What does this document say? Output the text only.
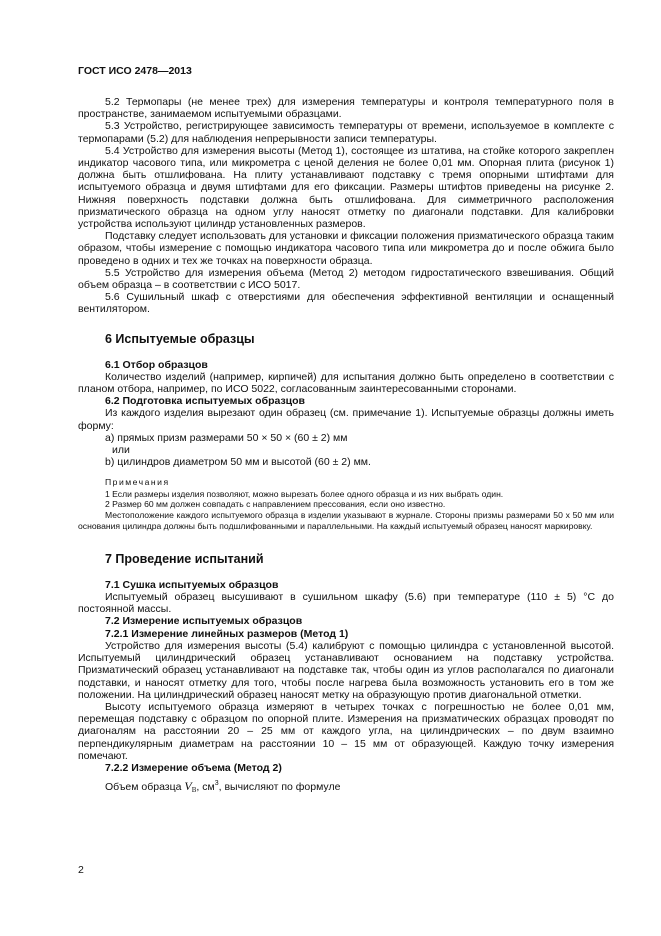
ГОСТ ИСО 2478—2013

5.2 Термопары (не менее трех) для измерения температуры и контроля температурного поля в пространстве, занимаемом испытуемыми образцами.

5.3 Устройство, регистрирующее зависимость температуры от времени, используемое в комплекте с термопарами (5.2) для наблюдения непрерывности записи температуры.

5.4 Устройство для измерения высоты (Метод 1), состоящее из штатива, на стойке которого закреплен индикатор часового типа, или микрометра с ценой деления не более 0,01 мм. Опорная плита (рисунок 1) должна быть отшлифована. На плиту устанавливают подставку с тремя опорными штифтами для испытуемого образца и двумя штифтами для его фиксации. Размеры штифтов приведены на рисунке 2. Нижняя поверхность подставки должна быть отшлифована. Для симметричного расположения призматического образца на одном углу наносят отметку по диагонали подставки. Для калибровки устройства используют цилиндр установленных размеров.

Подставку следует использовать для установки и фиксации положения призматического образца таким образом, чтобы измерение с помощью индикатора часового типа или микрометра до и после обжига было проведено в одних и тех же точках на поверхности образца.

5.5 Устройство для измерения объема (Метод 2) методом гидростатического взвешивания. Общий объем образца – в соответствии с ИСО 5017.

5.6 Сушильный шкаф с отверстиями для обеспечения эффективной вентиляции и оснащенный вентилятором.

6 Испытуемые образцы
6.1 Отбор образцов

Количество изделий (например, кирпичей) для испытания должно быть определено в соответствии с планом отбора, например, по ИСО 5022, согласованным заинтересованными сторонами.

6.2 Подготовка испытуемых образцов

Из каждого изделия вырезают один образец (см. примечание 1). Испытуемые образцы должны иметь форму:

a) прямых призм размерами 50 × 50 × (60 ± 2) мм

или

b) цилиндров диаметром 50 мм и высотой (60 ± 2) мм.

Примечания

1 Если размеры изделия позволяют, можно вырезать более одного образца и из них выбрать один.

2 Размер 60 мм должен совпадать с направлением прессования, если оно известно.

Местоположение каждого испытуемого образца в изделии указывают в журнале. Стороны призмы размерами 50 х 50 мм или основания цилиндра должны быть подшлифованными и параллельными. На каждый испытуемый образец наносят маркировку.

7 Проведение испытаний
7.1 Сушка испытуемых образцов

Испытуемый образец высушивают в сушильном шкафу (5.6) при температуре (110 ± 5) °С до постоянной массы.

7.2 Измерение испытуемых образцов
7.2.1 Измерение линейных размеров (Метод 1)

Устройство для измерения высоты (5.4) калибруют с помощью цилиндра с установленной высотой. Испытуемый цилиндрический образец устанавливают основанием на подставку устройства. Призматический образец устанавливают на подставке так, чтобы один из углов располагался по диагонали подставки, и наносят отметку для того, чтобы после нагрева была возможность установить его в том же положении. На цилиндрический образец наносят метку на образующую против диагональной отметки.

Высоту испытуемого образца измеряют в четырех точках с погрешностью не более 0,01 мм, перемещая подставку с образцом по опорной плите. Измерения на призматических образцах проводят по диагоналям на расстоянии 20 – 25 мм от каждого угла, на цилиндрических – по двум взаимно перпендикулярным диаметрам на расстоянии 10 – 15 мм от образующей. Каждую точку измерения помечают.

7.2.2 Измерение объема (Метод 2)

Объем образца $V_B$, $см^3$, вычисляют по формуле

2
